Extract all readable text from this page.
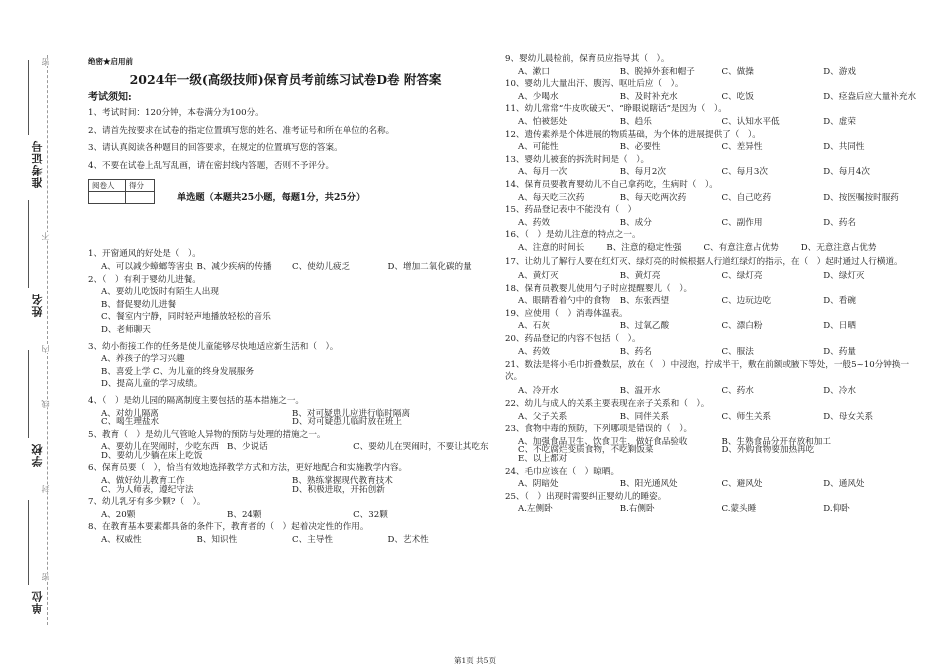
密
不
内
线
封
密
准考证号
姓名
学校
单位
绝密★启用前
2024年一级(高级技师)保育员考前练习试卷D卷 附答案
考试须知:
1、考试时间：120分钟，本卷满分为100分。
2、请首先按要求在试卷的指定位置填写您的姓名、准考证号和所在单位的名称。
3、请认真阅读各种题目的回答要求，在规定的位置填写您的答案。
4、不要在试卷上乱写乱画，请在密封线内答题，否则不予评分。
阅卷人	得分

单选题（本题共25小题，每题1分，共25分）
1、开窗通风的好处是（　）。
A、可以减少蟑螂等害虫 B、减少疾病的传播	C、使幼儿疲乏	D、增加二氧化碳的量
2、（　）有利于婴幼儿进餐。
A、要幼儿吃饭时有陌生人出现
B、督促婴幼儿进餐
C、餐室内宁静，同时轻声地播放轻松的音乐
D、老师聊天
3、幼小衔接工作的任务是使儿童能够尽快地适应新生活和（　）。
A、养孩子的学习兴趣
B、喜爱上学 C、为儿童的终身发展服务
D、提高儿童的学习成绩。
4、（　）是幼儿园的隔离制度主要包括的基本措施之一。
A、对幼儿隔离	B、对可疑患儿应进行临时隔离
C、喝生理盐水	D、对可疑患儿临时放在班上
5、教育（　）是幼儿气管呛人异物的预防与处理的措施之一。
A、要幼儿在哭闹时，少吃东西 B、少说话	C、要幼儿在哭闹时，不要让其吃东
D、要幼儿少躺在床上吃饭
6、保育员要（　），恰当有效地选择教学方式和方法，更好地配合和实施教学内容。
A、做好幼儿教育工作	B、熟练掌握现代教育技术
C、为人师表，遵纪守法	D、积极进取，开拓创新
7、幼儿乳牙有多少颗?（　）。
A、20颗	B、24颗	C、32颗
8、在教育基本要素都具备的条件下，教育者的（　）起着决定性的作用。
A、权威性	B、知识性	C、主导性	D、艺术性
9、婴幼儿晨检前，保育员应指导其（　）。
A、漱口	B、脱掉外套和帽子	C、做操	D、游戏
10、婴幼儿大量出汗、腹泻、呕吐后应（　）。
A、少喝水	B、及时补充水	C、吃饭	D、痉盎后应大量补充水
11、幼儿常常“牛皮吹破天”、“睁眼说瞎话”是因为（　）。
A、怕被惩处	B、趋乐	C、认知水平低	D、虚荣
12、遗传素养是个体进展的物质基础，为个体的进展提供了（　）。
A、可能性	B、必要性	C、差异性	D、共同性
13、婴幼儿被套的拆洗时间是（　）。
A、每月一次	B、每月2次	C、每月3次	D、每月4次
14、保育员要教育婴幼儿不自己拿药吃，生病时（　）。
A、每天吃三次药	B、每天吃两次药	C、自己吃药	D、按医嘱按时服药
15、药品登记表中不能没有（　）
A、药效	B、成分	C、副作用	D、药名
16、（　）是幼儿注意的特点之一。
A、注意的时间长	B、注意的稳定性强	C、有意注意占优势	D、无意注意占优势
17、让幼儿了解行人要在红灯灭、绿灯亮的时候根据人行道红绿灯的指示，在（　）起时通过人行横道。
A、黄灯灭	B、黄灯亮	C、绿灯亮	D、绿灯灭
18、保育员教婴儿使用勺子时应提醒婴儿（　）。
A、眼睛看着勺中的食物	B、东张西望	C、边玩边吃	D、看碗
19、应使用（　）消毒体温表。
A、石灰	B、过氧乙酸	C、漂白粉	D、日晒
20、药品登记的内容不包括（　）。
A、药效	B、药名	C、服法	D、药量
21、数法是将小毛巾折叠数层，放在（　）中浸泡，拧成半干，敷在前额或腋下等处，一般5~10分钟换一次。
A、冷开水	B、温开水	C、药水	D、冷水
22、幼儿与成人的关系主要表现在亲子关系和（　）。
A、父子关系	B、同伴关系	C、师生关系	D、母女关系
23、食物中毒的预防，下列哪项是错误的（　）。
A、加强食品卫生、饮食卫生，做好食品验收	B、生熟食品分开存放和加工
C、不吃腐烂变质食物，不吃剩饭菜	D、外购食物要加热再吃
E、以上都对
24、毛巾应该在（　）晾晒。
A、阴暗处	B、阳光通风处	C、避风处	D、通风处
25、（　）出现时需要纠正婴幼儿的睡姿。
A.左侧卧	B.右侧卧	C.蒙头睡	D.仰卧
第1页 共5页
